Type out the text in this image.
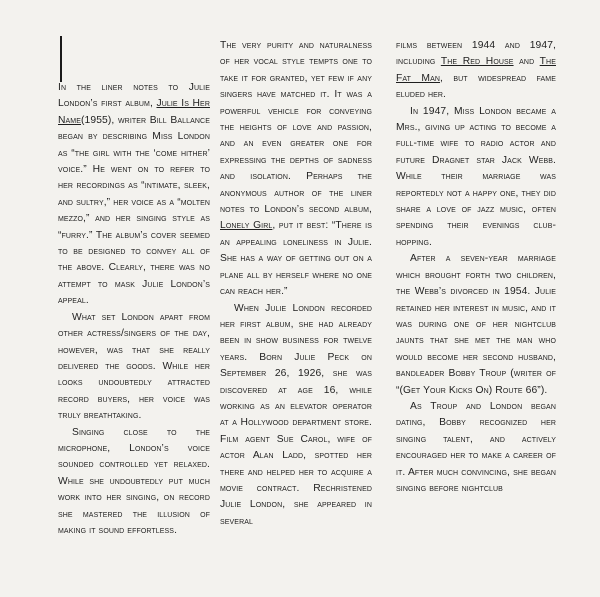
In the liner notes to Julie London’s first album, Julie Is Her Name(1955), writer Bill Ballance began by describing Miss London as “the girl with the ‘come hither’ voice.” He went on to refer to her recordings as “intimate, sleek, and sultry,” her voice as a “molten mezzo,” and her singing style as “furry.” The album’s cover seemed to be designed to convey all of the above. Clearly, there was no attempt to mask Julie London’s appeal.

What set London apart from other actress/singers of the day, however, was that she really delivered the goods. While her looks undoubtedly attracted record buyers, her voice was truly breathtaking.

Singing close to the microphone, London’s voice sounded controlled yet relaxed. While she undoubtedly put much work into her singing, on record she mastered the illusion of making it sound effortless.

The very purity and naturalness of her vocal style tempts one to take it for granted, yet few if any singers have matched it. It was a powerful vehicle for conveying the heights of love and passion, and an even greater one for expressing the depths of sadness and isolation. Perhaps the anonymous author of the liner notes to London’s second album, Lonely Girl, put it best: “There is an appealing loneliness in Julie. She has a way of getting out on a plane all by herself where no one can reach her.”

When Julie London recorded her first album, she had already been in show business for twelve years. Born Julie Peck on September 26, 1926, she was discovered at age 16, while working as an elevator operator at a Hollywood department store. Film agent Sue Carol, wife of actor Alan Ladd, spotted her there and helped her to acquire a movie contract. Rechristened Julie London, she appeared in several

films between 1944 and 1947, including The Red House and The Fat Man, but widespread fame eluded her.

In 1947, Miss London became a Mrs., giving up acting to become a full-time wife to radio actor and future Dragnet star Jack Webb. While their marriage was reportedly not a happy one, they did share a love of jazz music, often spending their evenings club-hopping.

After a seven-year marriage which brought forth two children, the Webb’s divorced in 1954. Julie retained her interest in music, and it was during one of her nightclub jaunts that she met the man who would become her second husband, bandleader Bobby Troup (writer of “(Get Your Kicks On) Route 66”).

As Troup and London began dating, Bobby recognized her singing talent, and actively encouraged her to make a career of it. After much convincing, she began singing before nightclub
